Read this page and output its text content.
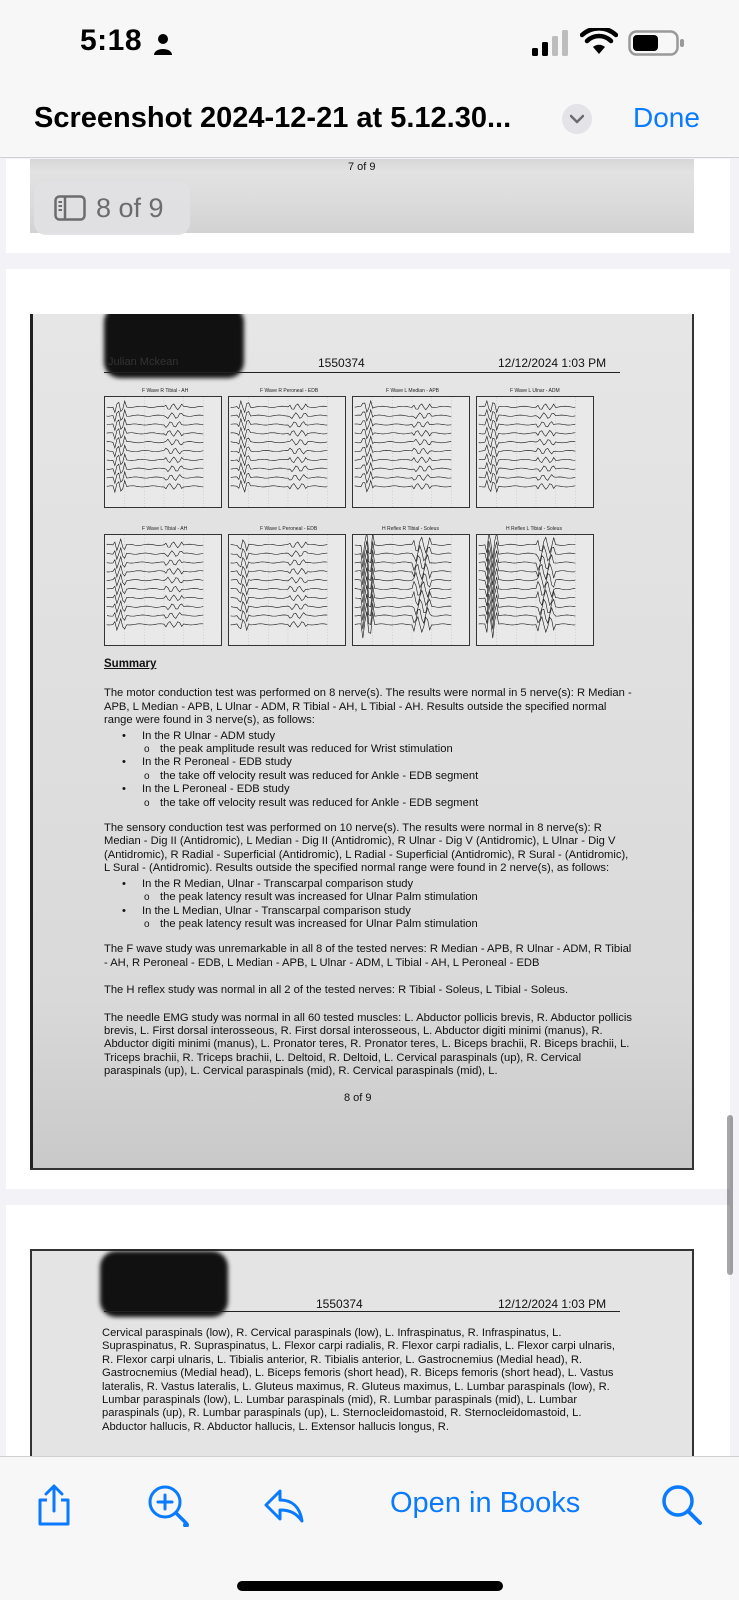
5:18
Screenshot 2024-12-21 at 5.12.30...	Done
7 of 9
8 of 9
Julian Mckean	1550374	12/12/2024 1:03 PM
F Wave R Tibial - AH	F Wave R Peroneal - EDB	F Wave L Median - APB	F Wave L Ulnar - ADM
F Wave L Tibial - AH	F Wave L Peroneal - EDB	H Reflex R Tibial - Soleus	H Reflex L Tibial - Soleus
Summary

The motor conduction test was performed on 8 nerve(s). The results were normal in 5 nerve(s): R Median - APB, L Median - APB, L Ulnar - ADM, R Tibial - AH, L Tibial - AH. Results outside the specified normal range were found in 3 nerve(s), as follows:

• In the R Ulnar - ADM study
o the peak amplitude result was reduced for Wrist stimulation
• In the R Peroneal - EDB study
o the take off velocity result was reduced for Ankle - EDB segment
• In the L Peroneal - EDB study
o the take off velocity result was reduced for Ankle - EDB segment

The sensory conduction test was performed on 10 nerve(s). The results were normal in 8 nerve(s): R Median - Dig II (Antidromic), L Median - Dig II (Antidromic), R Ulnar - Dig V (Antidromic), L Ulnar - Dig V (Antidromic), R Radial - Superficial (Antidromic), L Radial - Superficial (Antidromic), R Sural - (Antidromic), L Sural - (Antidromic). Results outside the specified normal range were found in 2 nerve(s), as follows:

• In the R Median, Ulnar - Transcarpal comparison study
o the peak latency result was increased for Ulnar Palm stimulation
• In the L Median, Ulnar - Transcarpal comparison study
o the peak latency result was increased for Ulnar Palm stimulation

The F wave study was unremarkable in all 8 of the tested nerves: R Median - APB, R Ulnar - ADM, R Tibial - AH, R Peroneal - EDB, L Median - APB, L Ulnar - ADM, L Tibial - AH, L Peroneal - EDB

The H reflex study was normal in all 2 of the tested nerves: R Tibial - Soleus, L Tibial - Soleus.

The needle EMG study was normal in all 60 tested muscles: L. Abductor pollicis brevis, R. Abductor pollicis brevis, L. First dorsal interosseous, R. First dorsal interosseous, L. Abductor digiti minimi (manus), R. Abductor digiti minimi (manus), L. Pronator teres, R. Pronator teres, L. Biceps brachii, R. Biceps brachii, L. Triceps brachii, R. Triceps brachii, L. Deltoid, R. Deltoid, L. Cervical paraspinals (up), R. Cervical paraspinals (up), L. Cervical paraspinals (mid), R. Cervical paraspinals (mid), L.

8 of 9
1550374	12/12/2024 1:03 PM
Cervical paraspinals (low), R. Cervical paraspinals (low), L. Infraspinatus, R. Infraspinatus, L. Supraspinatus, R. Supraspinatus, L. Flexor carpi radialis, R. Flexor carpi radialis, L. Flexor carpi ulnaris, R. Flexor carpi ulnaris, L. Tibialis anterior, R. Tibialis anterior, L. Gastrocnemius (Medial head), R. Gastrocnemius (Medial head), L. Biceps femoris (short head), R. Biceps femoris (short head), L. Vastus lateralis, R. Vastus lateralis, L. Gluteus maximus, R. Gluteus maximus, L. Lumbar paraspinals (low), R. Lumbar paraspinals (low), L. Lumbar paraspinals (mid), R. Lumbar paraspinals (mid), L. Lumbar paraspinals (up), R. Lumbar paraspinals (up), L. Sternocleidomastoid, R. Sternocleidomastoid, L. Abductor hallucis, R. Abductor hallucis, L. Extensor hallucis longus, R.
Open in Books
